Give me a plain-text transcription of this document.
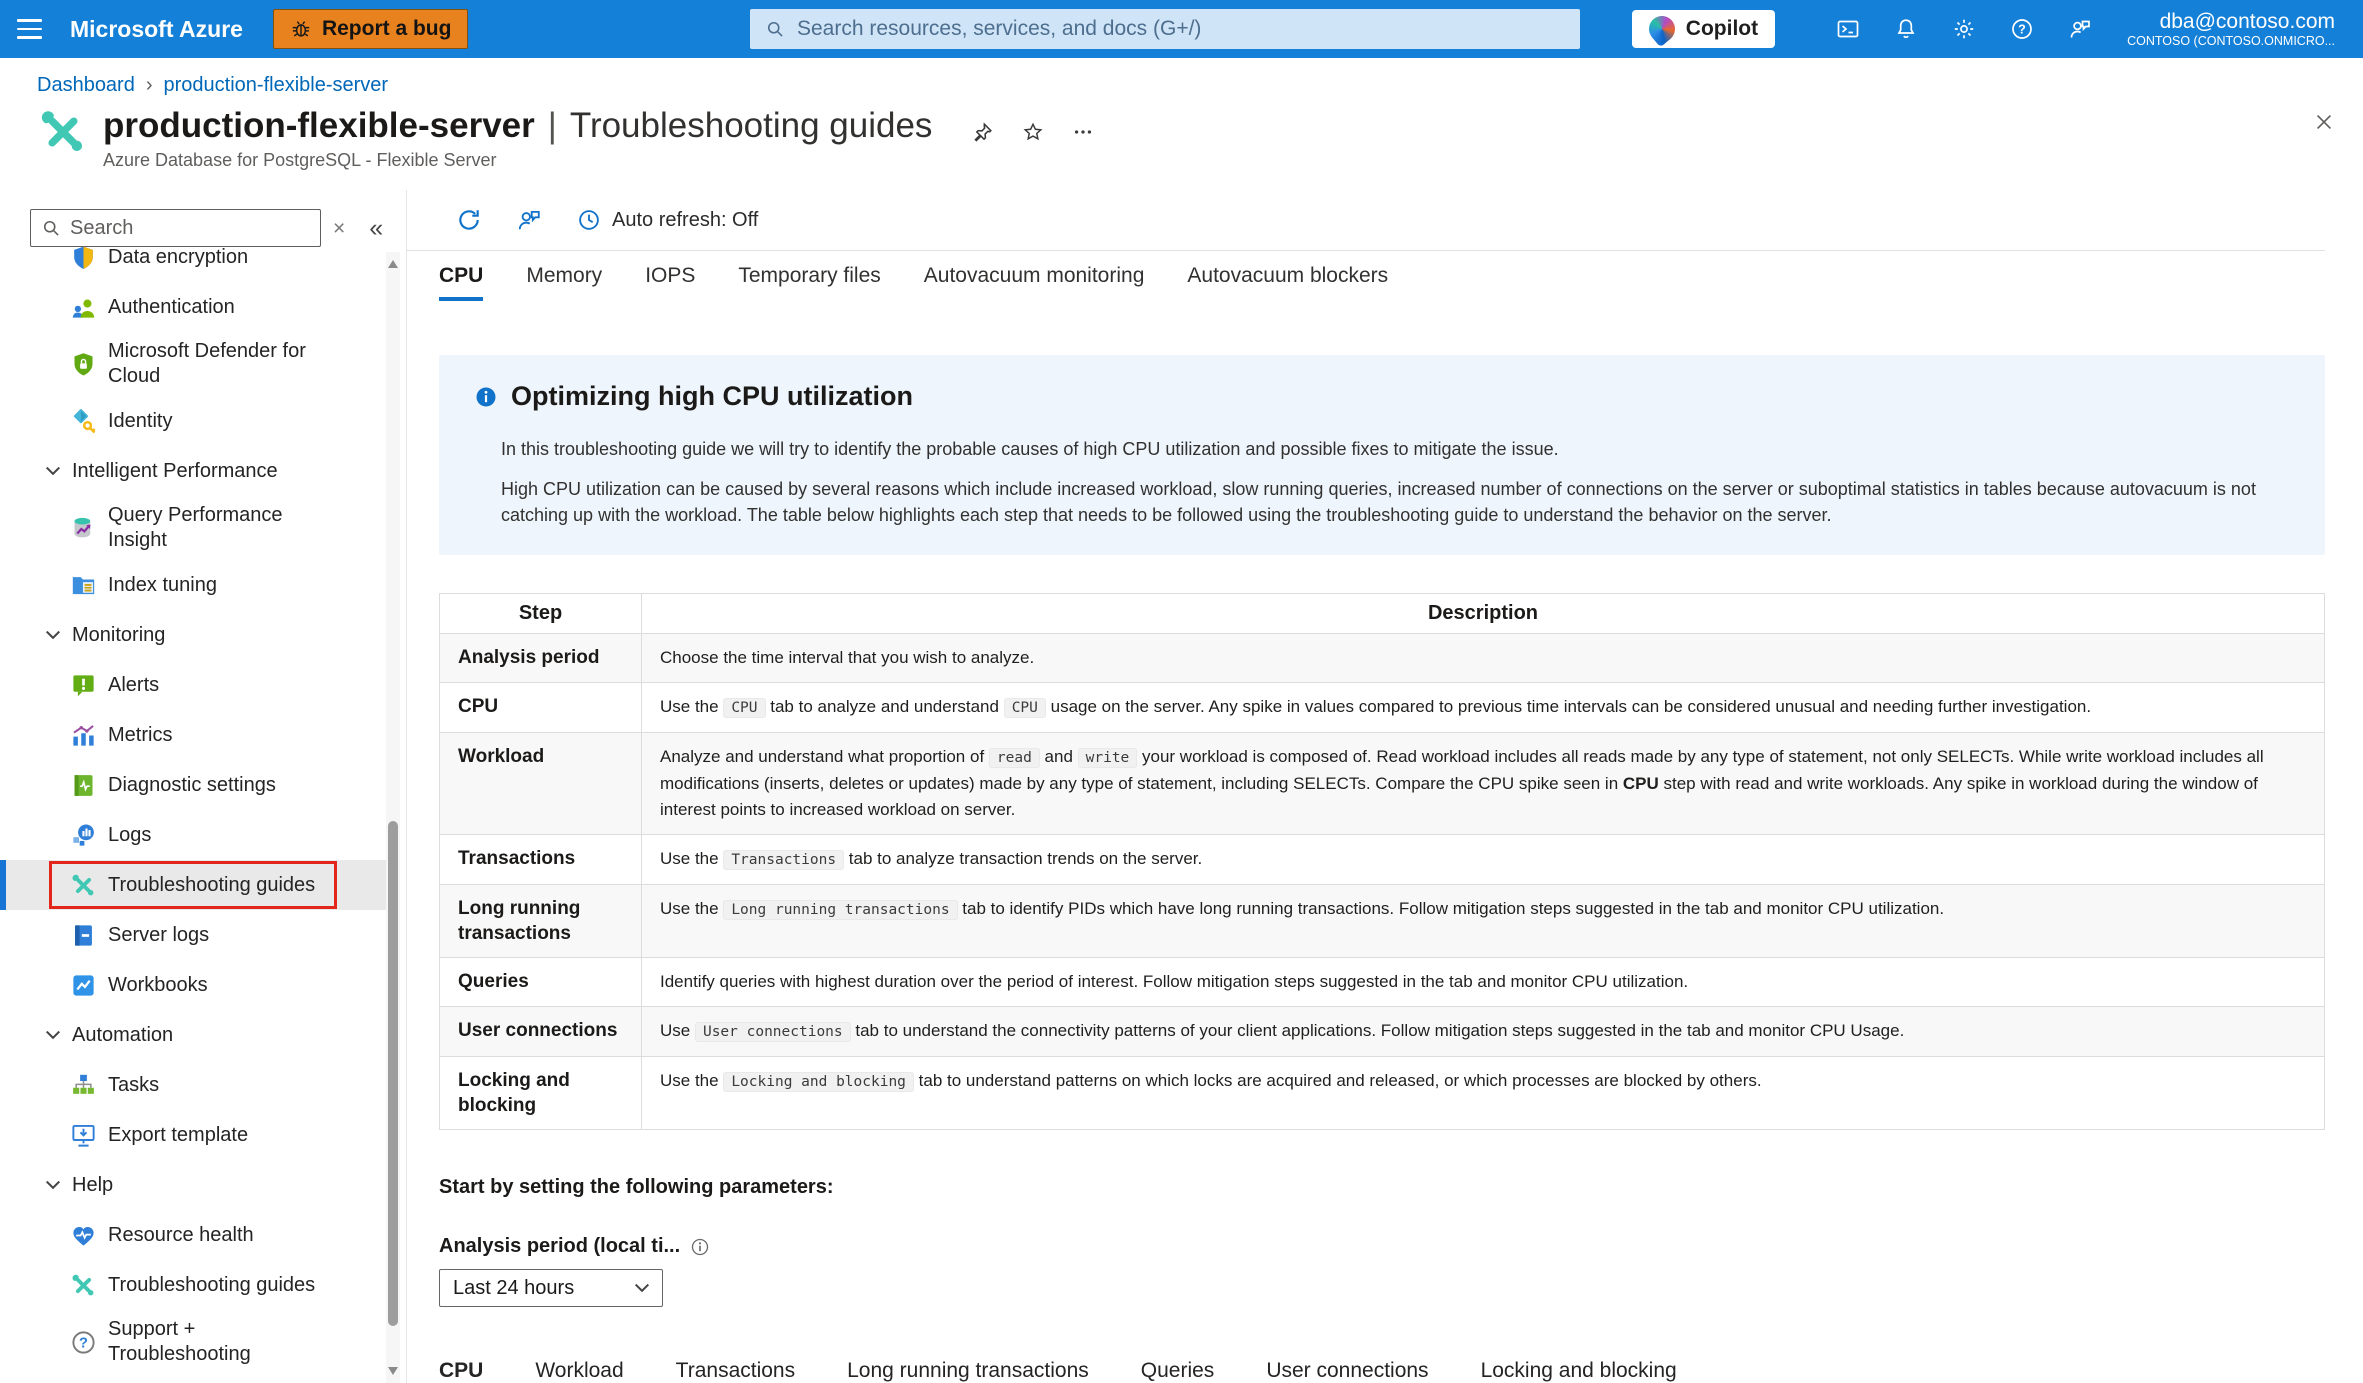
Microsoft Azure	Report a bug
Search resources, services, and docs (G+/)	Copilot	?	dba@contoso.com
CONTOSO (CONTOSO.ONMICRO...
Dashboard › production-flexible-server
production-flexible-server | Troubleshooting guides
Azure Database for PostgreSQL - Flexible Server
Search
× «
Data encryption
Authentication
Microsoft Defender for Cloud
Identity
Intelligent Performance
Query Performance Insight
Index tuning
Monitoring
Alerts
Metrics
Diagnostic settings
Logs
Troubleshooting guides
Server logs
Workbooks
Automation
Tasks
Export template
Help
Resource health
Troubleshooting guides
?
Support + Troubleshooting
Auto refresh: Off
CPU Memory IOPS Temporary files Autovacuum monitoring Autovacuum blockers
Optimizing high CPU utilization

In this troubleshooting guide we will try to identify the probable causes of high CPU utilization and possible fixes to mitigate the issue.

High CPU utilization can be caused by several reasons which include increased workload, slow running queries, increased number of connections on the server or suboptimal statistics in tables because autovacuum is not catching up with the workload. The table below highlights each step that needs to be followed using the troubleshooting guide to understand the behavior on the server.

Step	Description
Analysis period	Choose the time interval that you wish to analyze.
CPU	Use the CPU tab to analyze and understand CPU usage on the server. Any spike in values compared to previous time intervals can be considered unusual and needing further investigation.
Workload	Analyze and understand what proportion of read and write your workload is composed of. Read workload includes all reads made by any type of statement, not only SELECTs. While write workload includes all modifications (inserts, deletes or updates) made by any type of statement, including SELECTs. Compare the CPU spike seen in CPU step with read and write workloads. Any spike in workload during the window of interest points to increased workload on server.
Transactions	Use the Transactions tab to analyze transaction trends on the server.
Long running transactions	Use the Long running transactions tab to identify PIDs which have long running transactions. Follow mitigation steps suggested in the tab and monitor CPU utilization.
Queries	Identify queries with highest duration over the period of interest. Follow mitigation steps suggested in the tab and monitor CPU utilization.
User connections	Use User connections tab to understand the connectivity patterns of your client applications. Follow mitigation steps suggested in the tab and monitor CPU Usage.
Locking and blocking	Use the Locking and blocking tab to understand patterns on which locks are acquired and released, or which processes are blocked by others.
Start by setting the following parameters:
Analysis period (local ti...
Last 24 hours
CPU Workload Transactions Long running transactions Queries User connections Locking and blocking
